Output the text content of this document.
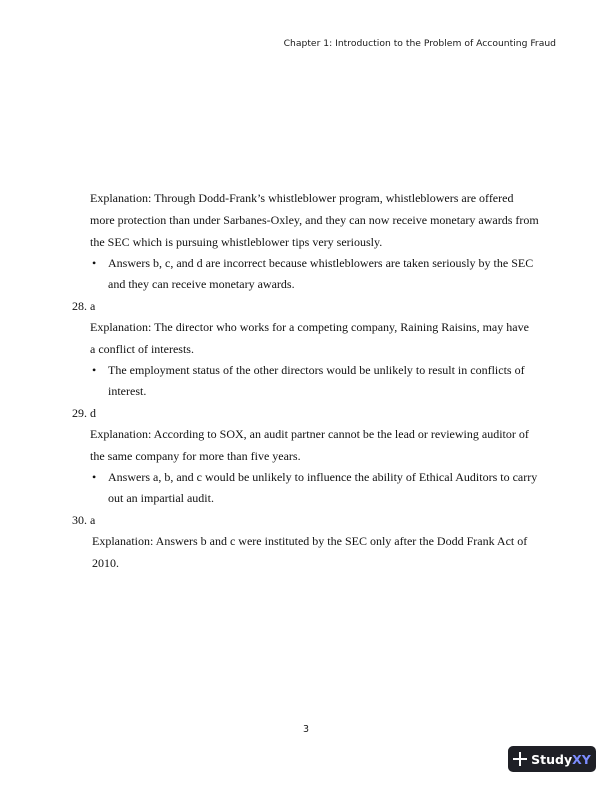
Chapter 1: Introduction to the Problem of Accounting Fraud
Explanation: Through Dodd-Frank’s whistleblower program, whistleblowers are offered
more protection than under Sarbanes-Oxley, and they can now receive monetary awards from
the SEC which is pursuing whistleblower tips very seriously.
• Answers b, c, and d are incorrect because whistleblowers are taken seriously by the SEC
and they can receive monetary awards.
28. a
Explanation: The director who works for a competing company, Raining Raisins, may have
a conflict of interests.
• The employment status of the other directors would be unlikely to result in conflicts of
interest.
29. d
Explanation: According to SOX, an audit partner cannot be the lead or reviewing auditor of
the same company for more than five years.
• Answers a, b, and c would be unlikely to influence the ability of Ethical Auditors to carry
out an impartial audit.
30. a
Explanation: Answers b and c were instituted by the SEC only after the Dodd Frank Act of
2010.
3
StudyXY
